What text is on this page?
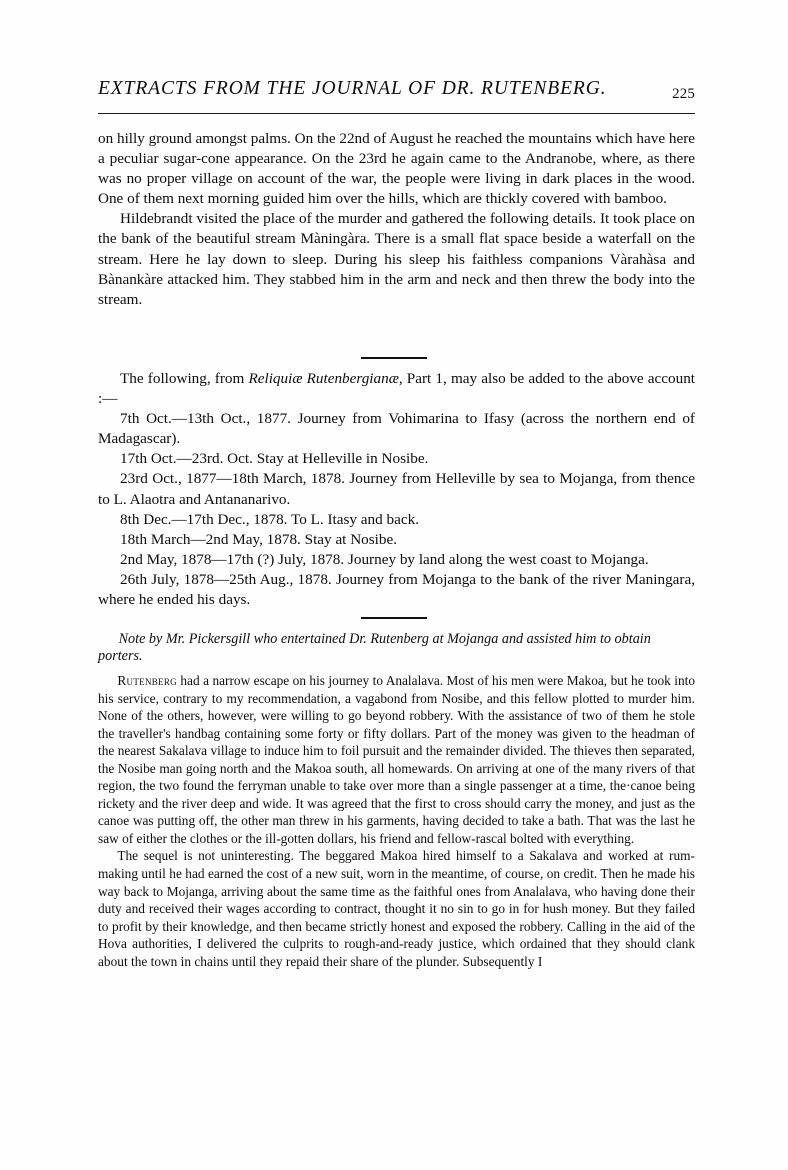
EXTRACTS FROM THE JOURNAL OF DR. RUTENBERG.	225

on hilly ground amongst palms. On the 22nd of August he reached the mountains which have here a peculiar sugar-cone appearance. On the 23rd he again came to the Andranobe, where, as there was no proper village on account of the war, the people were living in dark places in the wood. One of them next morning guided him over the hills, which are thickly covered with bamboo.

Hildebrandt visited the place of the murder and gathered the following details. It took place on the bank of the beautiful stream Màningàra. There is a small flat space beside a waterfall on the stream. Here he lay down to sleep. During his sleep his faithless companions Vàrahàsa and Bànankàre attacked him. They stabbed him in the arm and neck and then threw the body into the stream.

The following, from Reliquiæ Rutenbergianæ, Part 1, may also be added to the above account :—

7th Oct.—13th Oct., 1877. Journey from Vohimarina to Ifasy (across the northern end of Madagascar).

17th Oct.—23rd. Oct. Stay at Helleville in Nosibe.

23rd Oct., 1877—18th March, 1878. Journey from Helleville by sea to Mojanga, from thence to L. Alaotra and Antananarivo.

8th Dec.—17th Dec., 1878. To L. Itasy and back.

18th March—2nd May, 1878. Stay at Nosibe.

2nd May, 1878—17th (?) July, 1878. Journey by land along the west coast to Mojanga.

26th July, 1878—25th Aug., 1878. Journey from Mojanga to the bank of the river Maningara, where he ended his days.

Note by Mr. Pickersgill who entertained Dr. Rutenberg at Mojanga and assisted him to obtain porters.

Rutenberg had a narrow escape on his journey to Analalava. Most of his men were Makoa, but he took into his service, contrary to my recommendation, a vagabond from Nosibe, and this fellow plotted to murder him. None of the others, however, were willing to go beyond robbery. With the assistance of two of them he stole the traveller's handbag containing some forty or fifty dollars. Part of the money was given to the headman of the nearest Sakalava village to induce him to foil pursuit and the remainder divided. The thieves then separated, the Nosibe man going north and the Makoa south, all homewards. On arriving at one of the many rivers of that region, the two found the ferryman unable to take over more than a single passenger at a time, the·canoe being rickety and the river deep and wide. It was agreed that the first to cross should carry the money, and just as the canoe was putting off, the other man threw in his garments, having decided to take a bath. That was the last he saw of either the clothes or the ill-gotten dollars, his friend and fellow-rascal bolted with everything.

The sequel is not uninteresting. The beggared Makoa hired himself to a Sakalava and worked at rum-making until he had earned the cost of a new suit, worn in the meantime, of course, on credit. Then he made his way back to Mojanga, arriving about the same time as the faithful ones from Analalava, who having done their duty and received their wages according to contract, thought it no sin to go in for hush money. But they failed to profit by their knowledge, and then became strictly honest and exposed the robbery. Calling in the aid of the Hova authorities, I delivered the culprits to rough-and-ready justice, which ordained that they should clank about the town in chains until they repaid their share of the plunder. Subsequently I
